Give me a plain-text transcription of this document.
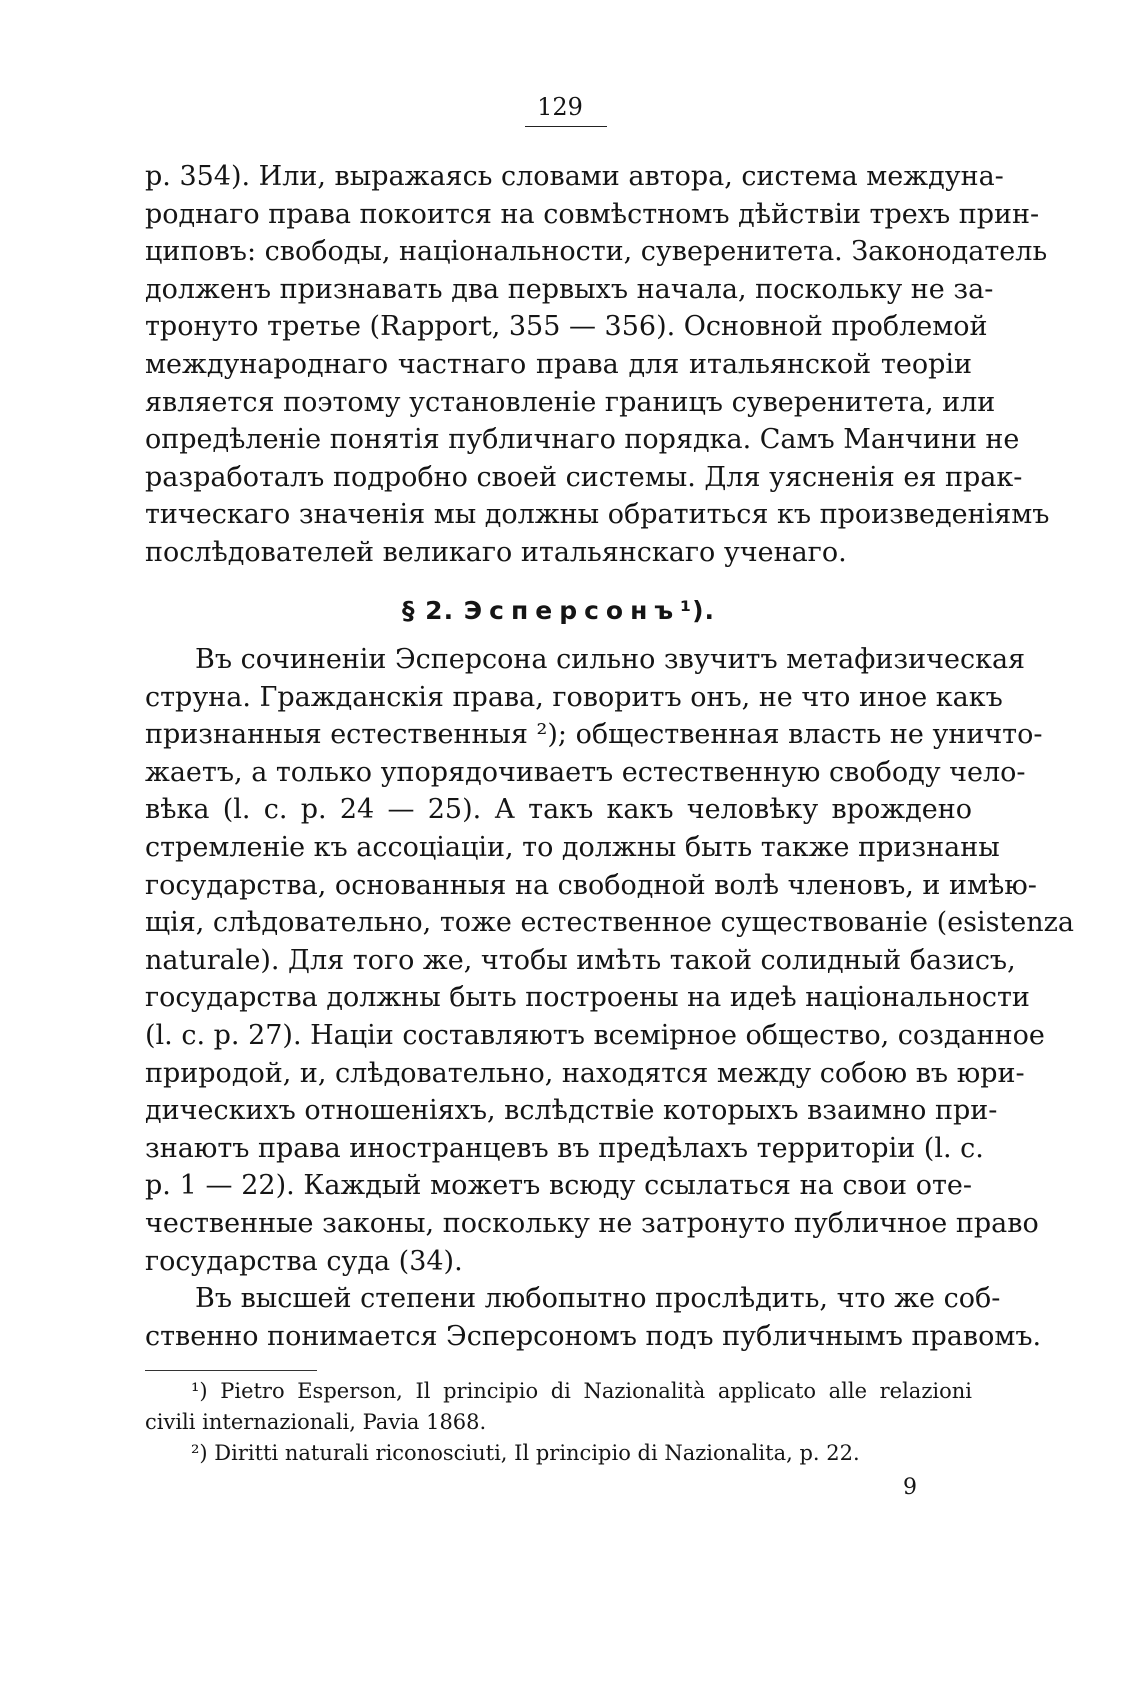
129
р. 354). Или, выражаясь словами автора, система междуна-
роднаго права покоится на совмѣстномъ дѣйствіи трехъ прин-
циповъ: свободы, національности, суверенитета. Законодатель
долженъ признавать два первыхъ начала, поскольку не за-
тронуто третье (Rapport, 355 — 356). Основной проблемой
международнаго частнаго права для итальянской теоріи
является поэтому установленіе границъ суверенитета, или
опредѣленіе понятія публичнаго порядка. Самъ Манчини не
разработалъ подробно своей системы. Для уясненія ея прак-
тическаго значенія мы должны обратиться къ произведеніямъ
послѣдователей великаго итальянскаго ученаго.
§ 2. Эсперсонъ¹).
Въ сочиненіи Эсперсона сильно звучитъ метафизическая
струна. Гражданскія права, говоритъ онъ, не что иное какъ
признанныя естественныя ²); общественная власть не уничто-
жаетъ, а только упорядочиваетъ естественную свободу чело-
вѣка (l. c. p. 24 — 25). А такъ какъ человѣку врождено
стремленіе къ ассоціаціи, то должны быть также признаны
государства, основанныя на свободной волѣ членовъ, и имѣю-
щія, слѣдовательно, тоже естественное существованіе (esistenza
naturale). Для того же, чтобы имѣть такой солидный базисъ,
государства должны быть построены на идеѣ національности
(l. c. p. 27). Націи составляютъ всемірное общество, созданное
природой, и, слѣдовательно, находятся между собою въ юри-
дическихъ отношеніяхъ, вслѣдствіе которыхъ взаимно при-
знаютъ права иностранцевъ въ предѣлахъ территоріи (l. c.
p. 1 — 22). Каждый можетъ всюду ссылаться на свои оте-
чественные законы, поскольку не затронуто публичное право
государства суда (34).
Въ высшей степени любопытно прослѣдить, что же соб-
ственно понимается Эсперсономъ подъ публичнымъ правомъ.
¹) Pietro Esperson, Il principio di Nazionalità applicato alle relazioni
civili internazionali, Pavia 1868.
²) Diritti naturali riconosciuti, Il principio di Nazionalita, p. 22.
9
